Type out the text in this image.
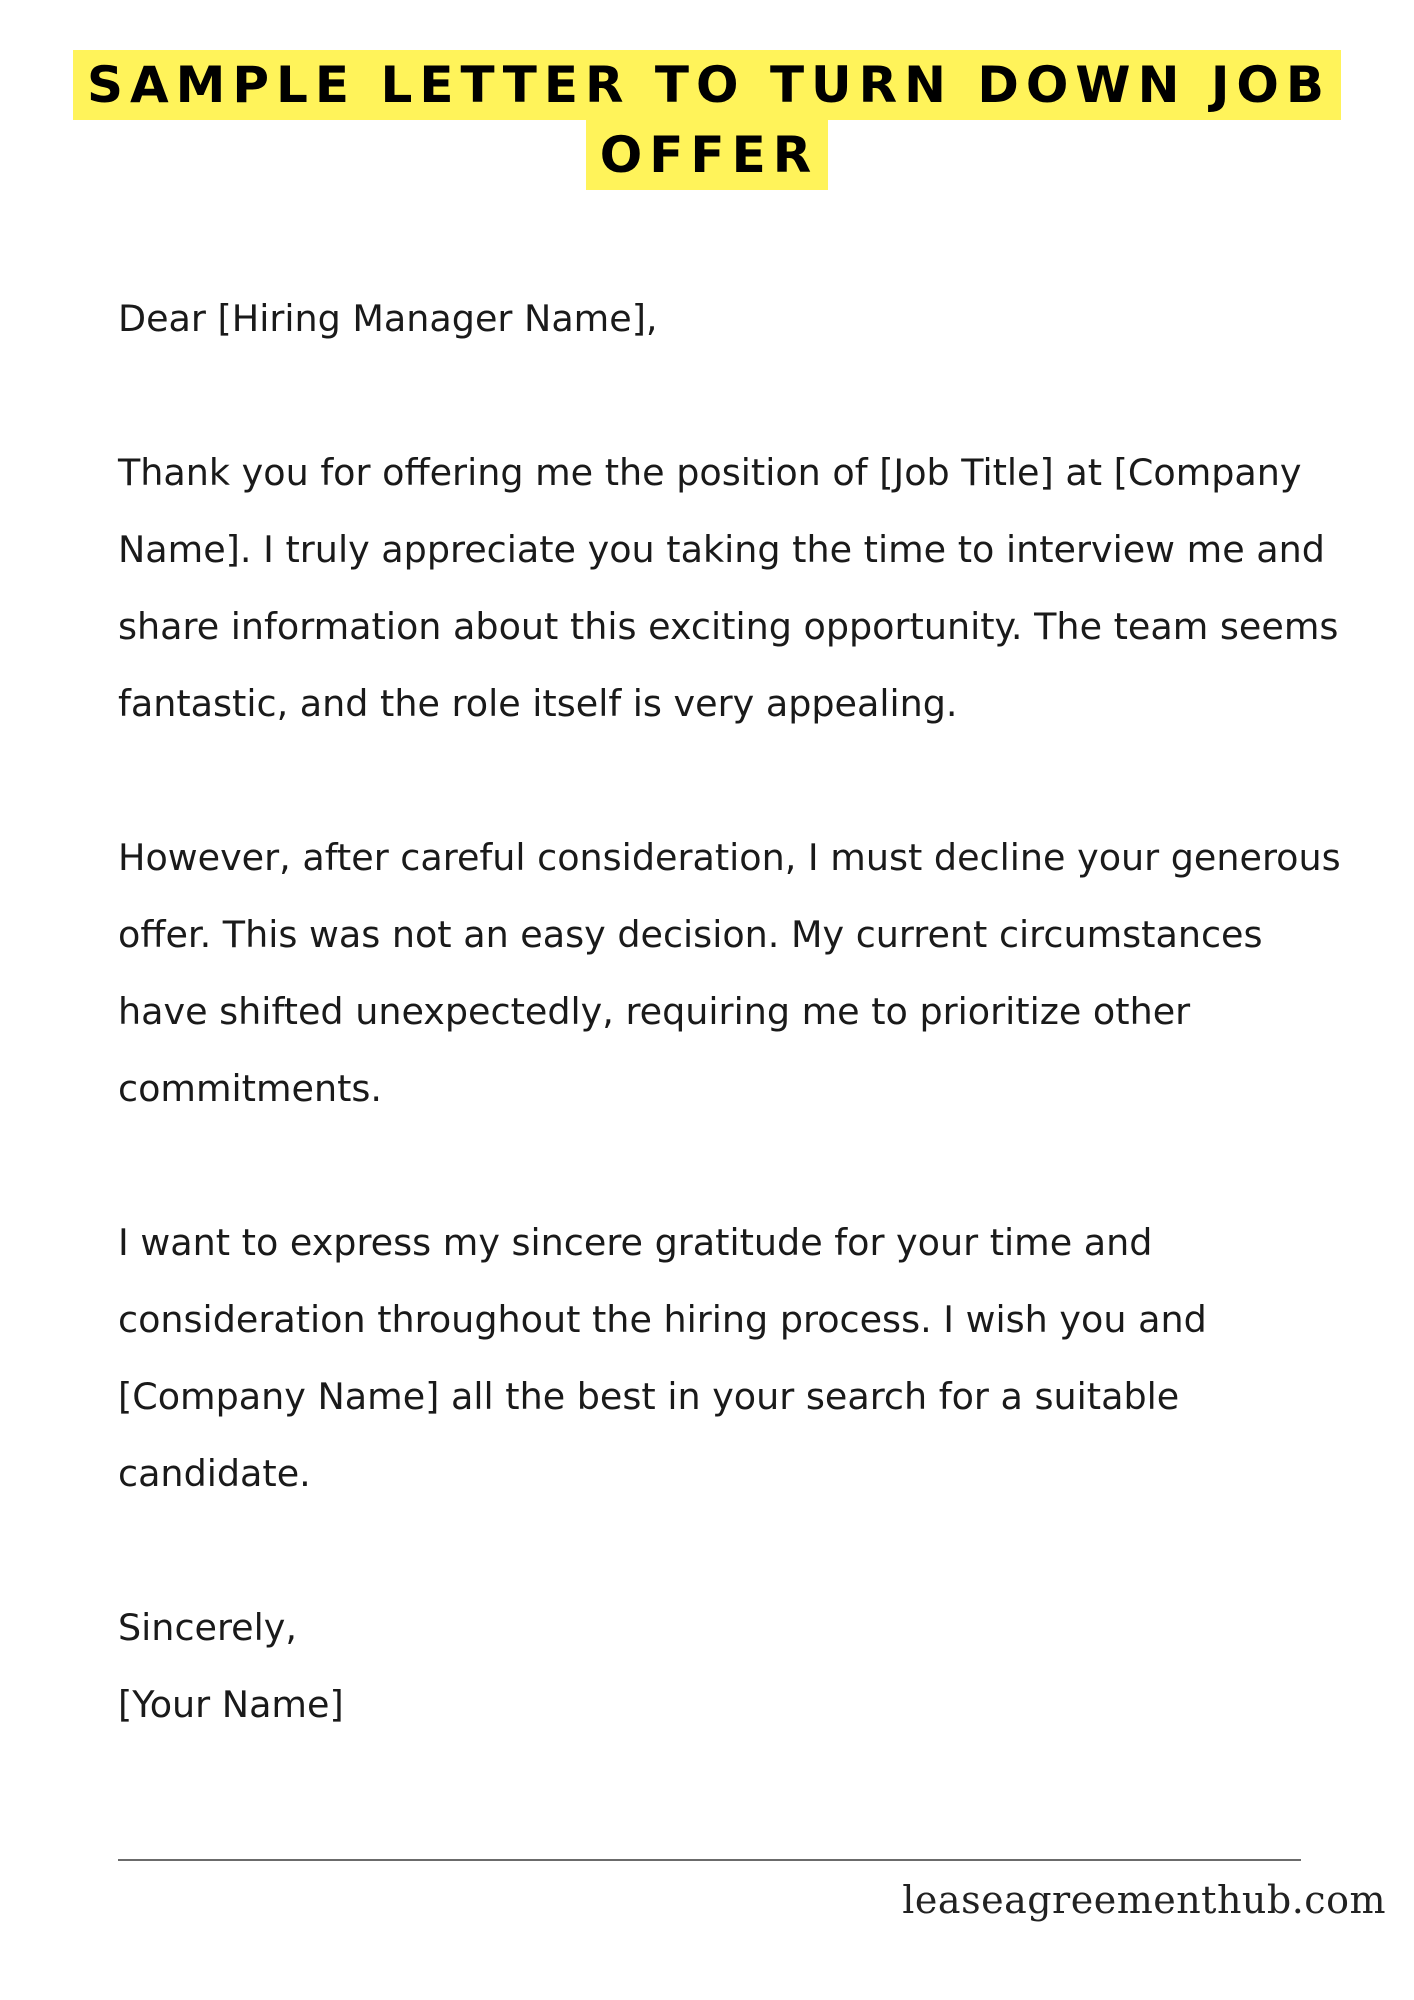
SAMPLE LETTER TO TURN DOWN JOB
OFFER

Dear [Hiring Manager Name],

Thank you for offering me the position of [Job Title] at [Company Name]. I truly appreciate you taking the time to interview me and share information about this exciting opportunity. The team seems fantastic, and the role itself is very appealing.

However, after careful consideration, I must decline your generous offer. This was not an easy decision. My current circumstances have shifted unexpectedly, requiring me to prioritize other commitments.

I want to express my sincere gratitude for your time and consideration throughout the hiring process. I wish you and [Company Name] all the best in your search for a suitable candidate.

Sincerely,

[Your Name]

leaseagreementhub.com
